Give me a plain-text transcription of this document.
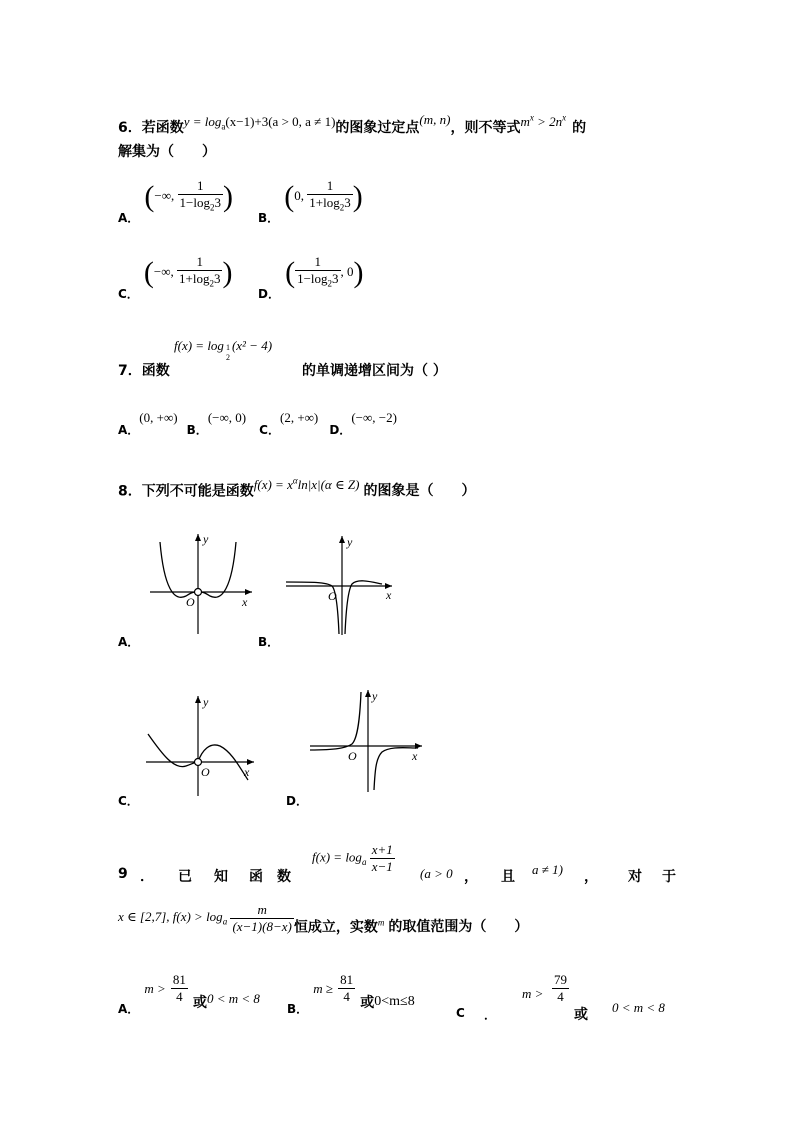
6．若函数$y = \log_a(x-1)+3(a > 0$, a ≠ 1)的图象过定点(m, n)，则不等式$m^x > 2n^x$的
解集为（　　）
$_{A.}$ (−∞, $\frac{1}{1-\log_23}$ )
$_{B.}$ (0, $\frac{1}{1+\log_23}$ )
$_{C.}$ (−∞, $\frac{1}{1+\log_23}$ )
$_{D.}$ ( $\frac{1}{1-\log_23}$ , 0)
f(x) = log 1
2
(x² − 4)
7．函数	的单调递增区间为（ ）
$_{A.}^{(0, +\infty)}$ $_{B.}^{(-\infty, 0)}$ $_{C.}^{(2, +\infty)}$ $_{D.}^{(-\infty, -2)}$
8．下列不可能是函数$f(x) = x^\alpha\ln|x|(\alpha$ ∈ Z) 的图象是（　　）
y
x
O
A．
y
x
O
B．
y
x
O
C．
y
x
O
D．
$f(x) = \log_a \frac{x+1}{x-1}$
9 ． 已 知 函 数	(a > 0 ， 且 a ≠ 1) ， 对 于
x ∈ [2,7], $f(x) > \log_a \frac{m}{(x-1)(8-x)}$ 恒成立，实数$_m$ 的取值范围为（　　）
$_{A.}$ $m > \frac{81}{4}$ 或$_{0 < m < 8}$
$_{B.}$ $m \ge \frac{81}{4}$ 或0<m≤8
C ．
$m > \frac{79}{4}$
或 0 < m < 8
